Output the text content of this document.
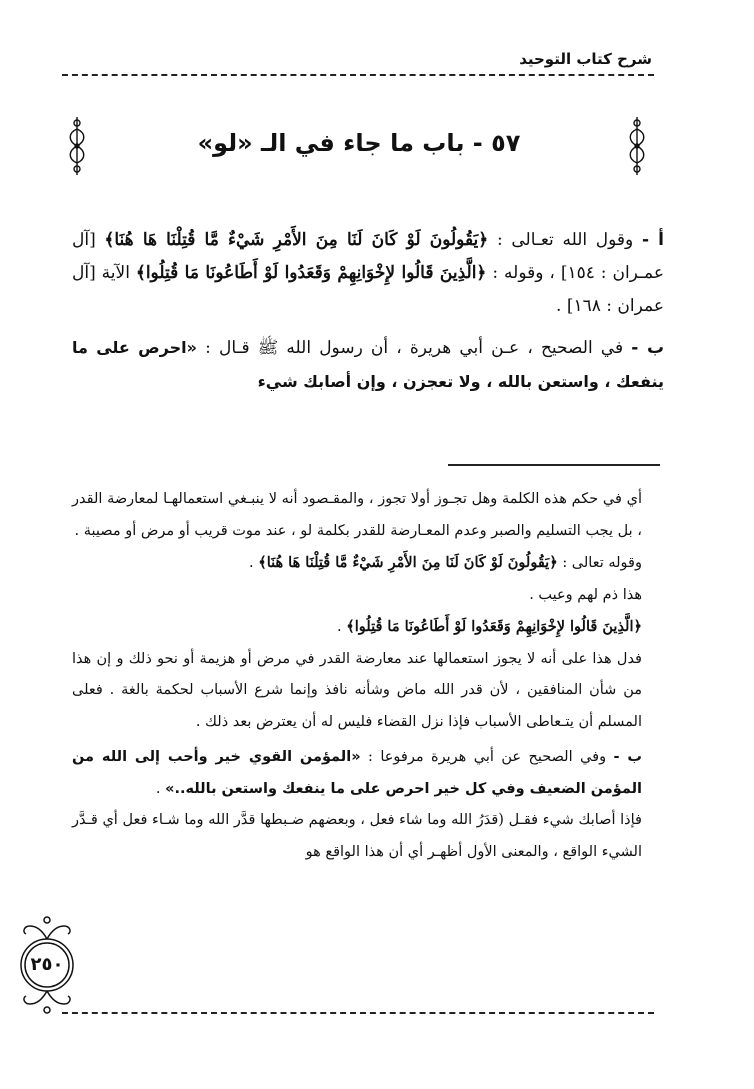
شرح كتاب التوحيد
٥٧ - باب ما جاء في الـ «لو»
أ - وقول الله تعـالى : ﴿يَقُولُونَ لَوْ كَانَ لَنَا مِنَ الأَمْرِ شَيْءٌ مَّا قُتِلْنَا هَا هُنَا﴾ [آل عمـران : ١٥٤] ، وقوله : ﴿الَّذِينَ قَالُوا لإِخْوَانِهِمْ وَقَعَدُوا لَوْ أَطَاعُونَا مَا قُتِلُوا﴾ الآية [آل عمران : ١٦٨] .
ب - في الصحيح ، عـن أبي هريرة ، أن رسول الله ﷺ قـال : «احرص على ما ينفعك ، واستعن بالله ، ولا تعجزن ، وإن أصابك شيء

أي في حكم هذه الكلمة وهل تجـوز أولا تجوز ، والمقـصود أنه لا ينبـغي استعمالهـا لمعارضة القدر ، بل يجب التسليم والصبر وعدم المعـارضة للقدر بكلمة لو ، عند موت قريب أو مرض أو مصيبة .

وقوله تعالى : ﴿يَقُولُونَ لَوْ كَانَ لَنَا مِنَ الأَمْرِ شَيْءٌ مَّا قُتِلْنَا هَا هُنَا﴾ .

هذا ذم لهم وعيب .

﴿الَّذِينَ قَالُوا لإِخْوَانِهِمْ وَقَعَدُوا لَوْ أَطَاعُونَا مَا قُتِلُوا﴾ .

فدل هذا على أنه لا يجوز استعمالها عند معارضة القدر في مرض أو هزيمة أو نحو ذلك و إن هذا من شأن المنافقين ، لأن قدر الله ماض وشأنه نافذ وإنما شرع الأسباب لحكمة بالغة . فعلى المسلم أن يتـعاطى الأسباب فإذا نزل القضاء فليس له أن يعترض بعد ذلك .

ب - وفي الصحيح عن أبي هريرة مرفوعا : «المؤمن القوي خير وأحب إلى الله من المؤمن الضعيف وفي كل خير احرص على ما ينفعك واستعن بالله..» .

فإذا أصابك شيء فقـل (قدَرُ الله وما شاء فعل ، وبعضهم ضـبطها قدَّر الله وما شـاء فعل أي قـدَّر الشيء الواقع ، والمعنى الأول أظهـر أي أن هذا الواقع هو

٢٥٠
